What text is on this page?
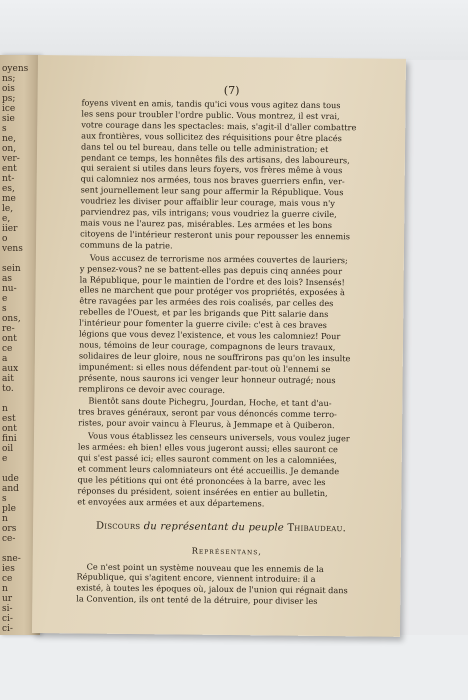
oyens
ns;
ois
ps;
ice
sie
s
ne,
on,
ver-
ent
nt-
es,
me
le,
e,
iier
o
vens
sein
as
nu-
e
s
ons,
re-
ont
ce
a
aux
ait
to.
n
est
ont
fini
oil
e
ude
and
s
ple
n
ors
ce-
sne-
ies
ce
n
ur
si-
ci-
ci-
(7)
foyens vivent en amis, tandis qu'ici vous vous agitez dans tous
les sens pour troubler l'ordre public. Vous montrez, il est vrai,
votre courage dans les spectacles: mais, s'agit-il d'aller combattre
aux frontières, vous sollicitez des réquisitions pour être placés
dans tel ou tel bureau, dans telle ou telle administration; et
pendant ce temps, les honnêtes fils des artisans, des laboureurs,
qui seraient si utiles dans leurs foyers, vos frères même à vous
qui calomniez nos armées, tous nos braves guerriers enfin, ver-
sent journellement leur sang pour affermir la République. Vous
voudriez les diviser pour affaiblir leur courage, mais vous n'y
parviendrez pas, vils intrigans; vous voudriez la guerre civile,
mais vous ne l'aurez pas, misérables. Les armées et les bons
citoyens de l'intérieur resteront unis pour repousser les ennemis
communs de la patrie.
Vous accusez de terrorisme nos armées couvertes de lauriers;
y pensez-vous? ne se battent-elles pas depuis cinq années pour
la République, pour le maintien de l'ordre et des lois? Insensés!
elles ne marchent que pour protéger vos propriétés, exposées à
être ravagées par les armées des rois coalisés, par celles des
rebelles de l'Ouest, et par les brigands que Pitt salarie dans
l'intérieur pour fomenter la guerre civile: c'est à ces braves
légions que vous devez l'existence, et vous les calomniez! Pour
nous, témoins de leur courage, compagnons de leurs travaux,
solidaires de leur gloire, nous ne souffrirons pas qu'on les insulte
impunément: si elles nous défendent par-tout où l'ennemi se
présente, nous saurons ici venger leur honneur outragé; nous
remplirons ce devoir avec courage.
Bientôt sans doute Pichegru, Jourdan, Hoche, et tant d'au-
tres braves généraux, seront par vous dénoncés comme terro-
ristes, pour avoir vaincu à Fleurus, à Jemmape et à Quiberon.
Vous vous établissez les censeurs universels, vous voulez juger
les armées: eh bien! elles vous jugeront aussi; elles sauront ce
qui s'est passé ici; elles sauront comment on les a calomniées,
et comment leurs calomniateurs ont été accueillis. Je demande
que les pétitions qui ont été prononcées à la barre, avec les
réponses du président, soient insérées en entier au bulletin,
et envoyées aux armées et aux départemens.
Discours du représentant du peuple Thibaudeau.
Représentans,
Ce n'est point un système nouveau que les ennemis de la
République, qui s'agitent encore, viennent introduire: il a
existé, à toutes les époques où, jaloux de l'union qui régnait dans
la Convention, ils ont tenté de la détruire, pour diviser les
